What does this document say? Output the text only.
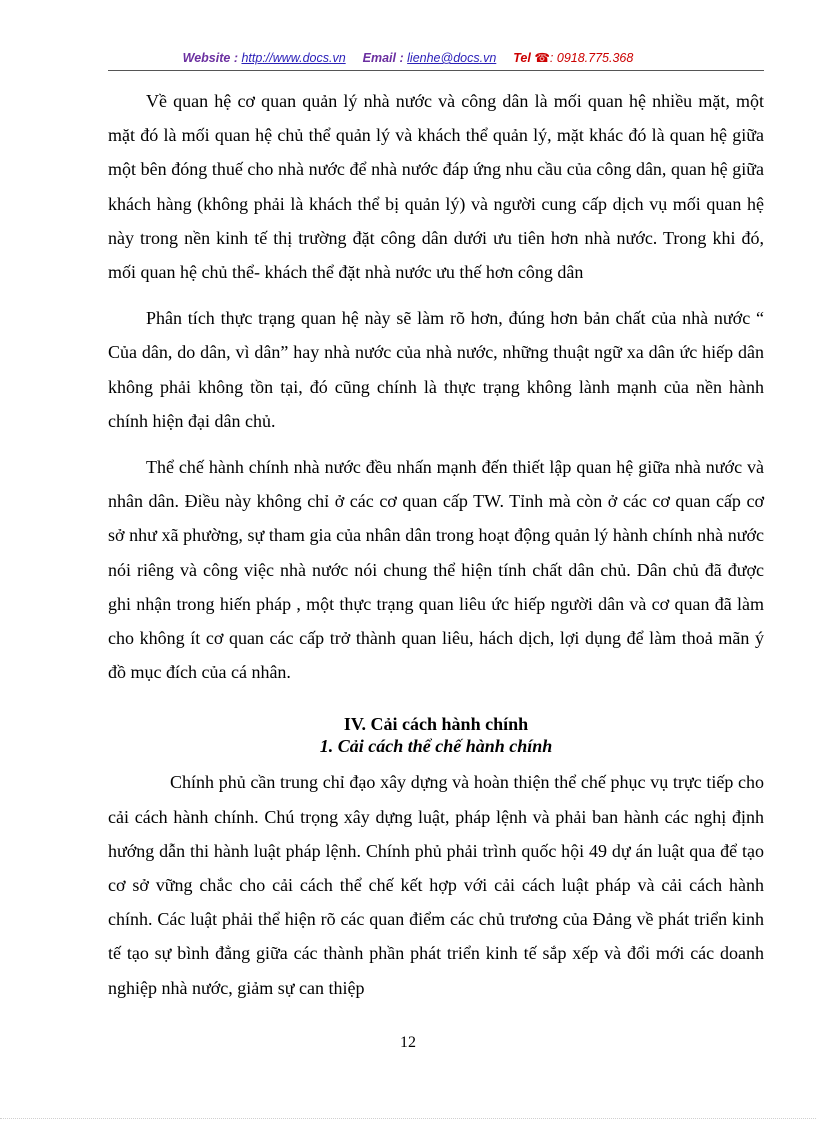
Website : http://www.docs.vn Email : lienhe@docs.vn Tel ☎: 0918.775.368

Về quan hệ cơ quan quản lý nhà nước và công dân là mối quan hệ nhiều mặt, một mặt đó là mối quan hệ chủ thể quản lý và khách thể quản lý, mặt khác đó là quan hệ giữa một bên đóng thuế cho nhà nước để nhà nước đáp ứng nhu cầu của công dân, quan hệ giữa khách hàng (không phải là khách thể bị quản lý) và người cung cấp dịch vụ mối quan hệ này trong nền kinh tế thị trường đặt công dân dưới ưu tiên hơn nhà nước. Trong khi đó, mối quan hệ chủ thể- khách thể đặt nhà nước ưu thế hơn công dân

Phân tích thực trạng quan hệ này sẽ làm rõ hơn, đúng hơn bản chất của nhà nước “ Của dân, do dân, vì dân” hay nhà nước của nhà nước, những thuật ngữ xa dân ức hiếp dân không phải không tồn tại, đó cũng chính là thực trạng không lành mạnh của nền hành chính hiện đại dân chủ.

Thể chế hành chính nhà nước đều nhấn mạnh đến thiết lập quan hệ giữa nhà nước và nhân dân. Điều này không chỉ ở các cơ quan cấp TW. Tỉnh mà còn ở các cơ quan cấp cơ sở như xã phường, sự tham gia của nhân dân trong hoạt động quản lý hành chính nhà nước nói riêng và công việc nhà nước nói chung thể hiện tính chất dân chủ. Dân chủ đã được ghi nhận trong hiến pháp , một thực trạng quan liêu ức hiếp người dân và cơ quan đã làm cho không ít cơ quan các cấp trở thành quan liêu, hách dịch, lợi dụng để làm thoả mãn ý đồ mục đích của cá nhân.

IV. Cải cách hành chính
1. Cải cách thể chế hành chính

Chính phủ cần trung chỉ đạo xây dựng và hoàn thiện thể chế phục vụ trực tiếp cho cải cách hành chính. Chú trọng xây dựng luật, pháp lệnh và phải ban hành các nghị định hướng dẫn thi hành luật pháp lệnh. Chính phủ phải trình quốc hội 49 dự án luật qua để tạo cơ sở vững chắc cho cải cách thể chế kết hợp với cải cách luật pháp và cải cách hành chính. Các luật phải thể hiện rõ các quan điểm các chủ trương của Đảng về phát triển kinh tế tạo sự bình đẳng giữa các thành phần phát triển kinh tế sắp xếp và đổi mới các doanh nghiệp nhà nước, giảm sự can thiệp

12
